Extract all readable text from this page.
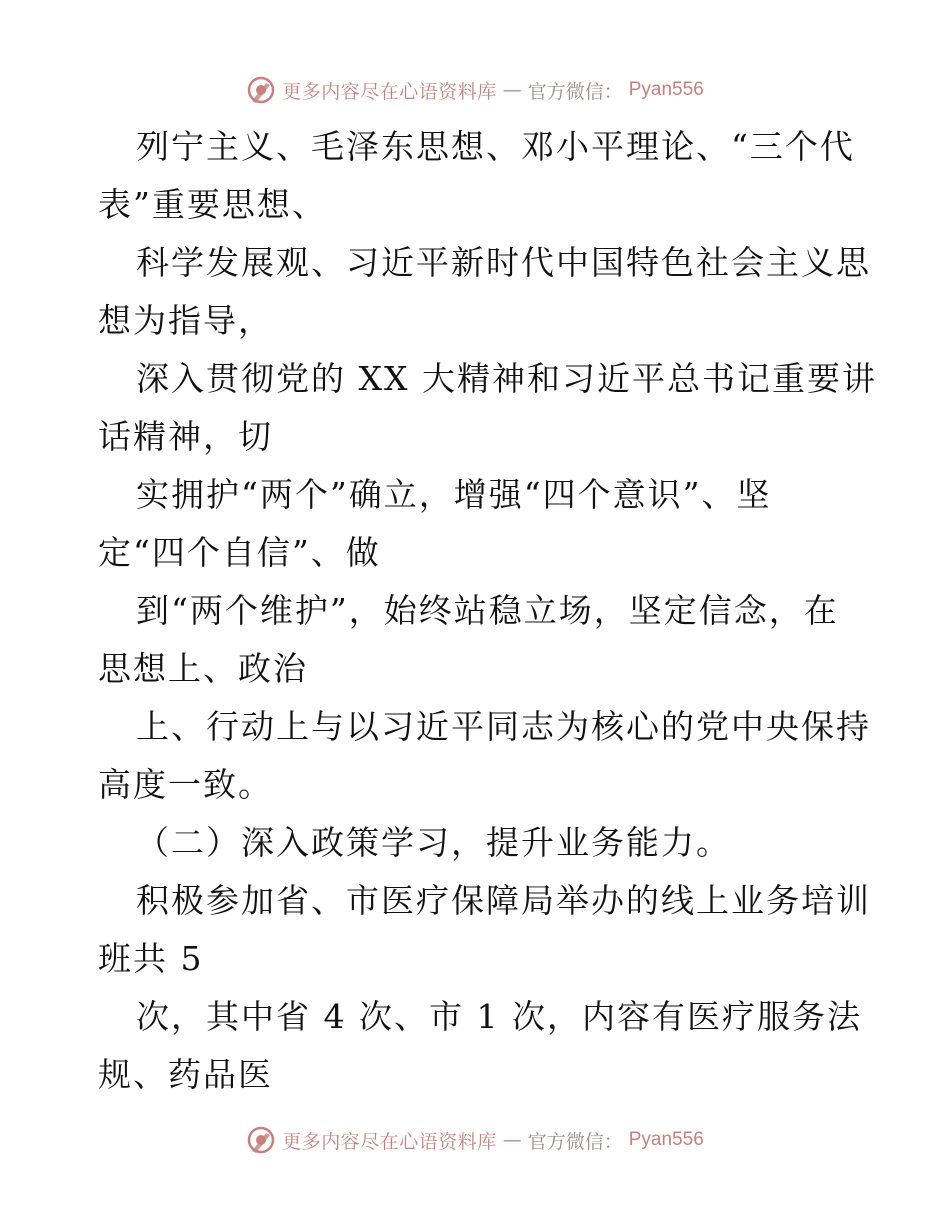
更多内容尽在心语资料库 — 官方微信： Pyan556

列宁主义、毛泽东思想、邓小平理论、“三个代

表”重要思想、

科学发展观、习近平新时代中国特色社会主义思

想为指导，

深入贯彻党的 XX 大精神和习近平总书记重要讲

话精神，切

实拥护“两个”确立，增强“四个意识”、坚

定“四个自信”、做

到“两个维护”，始终站稳立场，坚定信念，在

思想上、政治

上、行动上与以习近平同志为核心的党中央保持

高度一致。

（二）深入政策学习，提升业务能力。

积极参加省、市医疗保障局举办的线上业务培训

班共 5

次，其中省 4 次、市 1 次，内容有医疗服务法

规、药品医

更多内容尽在心语资料库 — 官方微信： Pyan556
